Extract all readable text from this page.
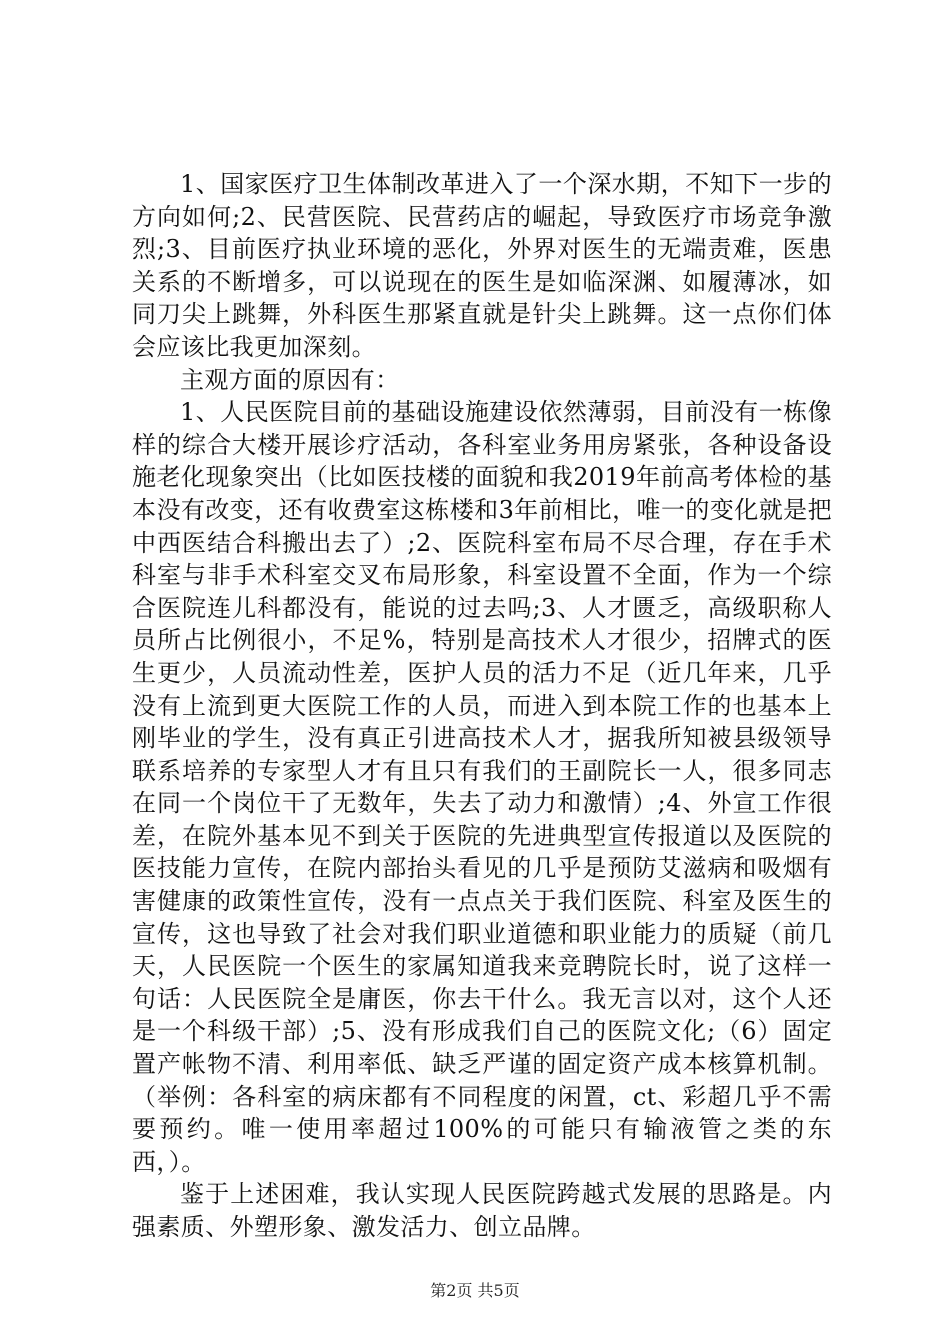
1、国家医疗卫生体制改革进入了一个深水期，不知下一步的方向如何;2、民营医院、民营药店的崛起，导致医疗市场竞争激烈;3、目前医疗执业环境的恶化，外界对医生的无端责难，医患关系的不断增多，可以说现在的医生是如临深渊、如履薄冰，如同刀尖上跳舞，外科医生那紧直就是针尖上跳舞。这一点你们体会应该比我更加深刻。

主观方面的原因有：

1、人民医院目前的基础设施建设依然薄弱，目前没有一栋像样的综合大楼开展诊疗活动，各科室业务用房紧张，各种设备设施老化现象突出（比如医技楼的面貌和我2019年前高考体检的基本没有改变，还有收费室这栋楼和3年前相比，唯一的变化就是把中西医结合科搬出去了）;2、医院科室布局不尽合理，存在手术科室与非手术科室交叉布局形象，科室设置不全面，作为一个综合医院连儿科都没有，能说的过去吗;3、人才匮乏，高级职称人员所占比例很小，不足%，特别是高技术人才很少，招牌式的医生更少，人员流动性差，医护人员的活力不足（近几年来，几乎没有上流到更大医院工作的人员，而进入到本院工作的也基本上刚毕业的学生，没有真正引进高技术人才，据我所知被县级领导联系培养的专家型人才有且只有我们的王副院长一人，很多同志在同一个岗位干了无数年，失去了动力和激情）;4、外宣工作很差，在院外基本见不到关于医院的先进典型宣传报道以及医院的医技能力宣传，在院内部抬头看见的几乎是预防艾滋病和吸烟有害健康的政策性宣传，没有一点点关于我们医院、科室及医生的宣传，这也导致了社会对我们职业道德和职业能力的质疑（前几天，人民医院一个医生的家属知道我来竞聘院长时，说了这样一句话：人民医院全是庸医，你去干什么。我无言以对，这个人还是一个科级干部）;5、没有形成我们自己的医院文化;（6）固定置产帐物不清、利用率低、缺乏严谨的固定资产成本核算机制。（举例：各科室的病床都有不同程度的闲置，ct、彩超几乎不需要预约。唯一使用率超过100%的可能只有输液管之类的东西，）。

鉴于上述困难，我认实现人民医院跨越式发展的思路是。内强素质、外塑形象、激发活力、创立品牌。

第2页 共5页
